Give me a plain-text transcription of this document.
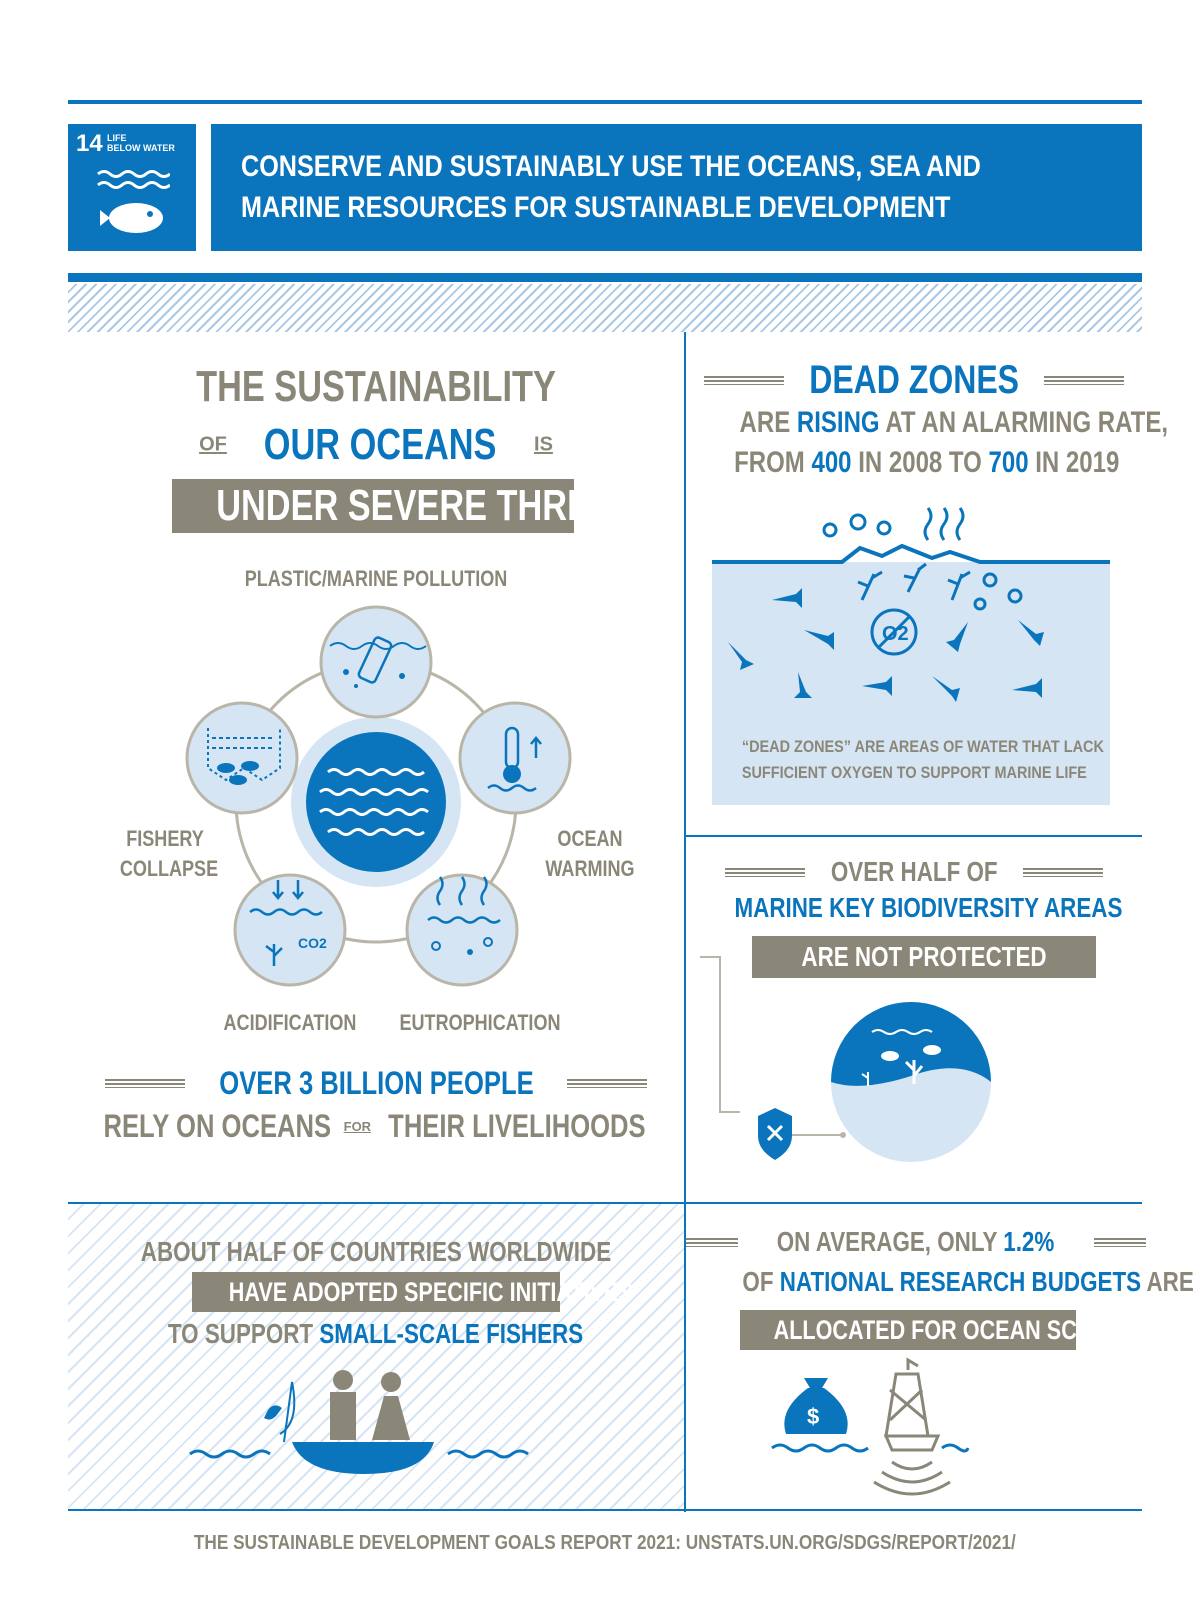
14 LIFE
BELOW WATER
CONSERVE AND SUSTAINABLY USE THE OCEANS, SEA AND
MARINE RESOURCES FOR SUSTAINABLE DEVELOPMENT
THE SUSTAINABILITY
OF OUR OCEANS IS
UNDER SEVERE THREAT
PLASTIC/MARINE POLLUTION
CO2
FISHERY
COLLAPSE
OCEAN
WARMING
ACIDIFICATION	EUTROPHICATION
OVER 3 BILLION PEOPLE
RELY ON OCEANS FOR THEIR LIVELIHOODS
DEAD ZONES
ARE RISING AT AN ALARMING RATE,
FROM 400 IN 2008 TO 700 IN 2019
O2
“DEAD ZONES” ARE AREAS OF WATER THAT LACK
SUFFICIENT OXYGEN TO SUPPORT MARINE LIFE
OVER HALF OF
MARINE KEY BIODIVERSITY AREAS
ARE NOT PROTECTED
ABOUT HALF OF COUNTRIES WORLDWIDE
HAVE ADOPTED SPECIFIC INITIATIVES
TO SUPPORT SMALL-SCALE FISHERS
ON AVERAGE, ONLY 1.2%
OF NATIONAL RESEARCH BUDGETS ARE
ALLOCATED FOR OCEAN SCIENCE
$
THE SUSTAINABLE DEVELOPMENT GOALS REPORT 2021: UNSTATS.UN.ORG/SDGS/REPORT/2021/
